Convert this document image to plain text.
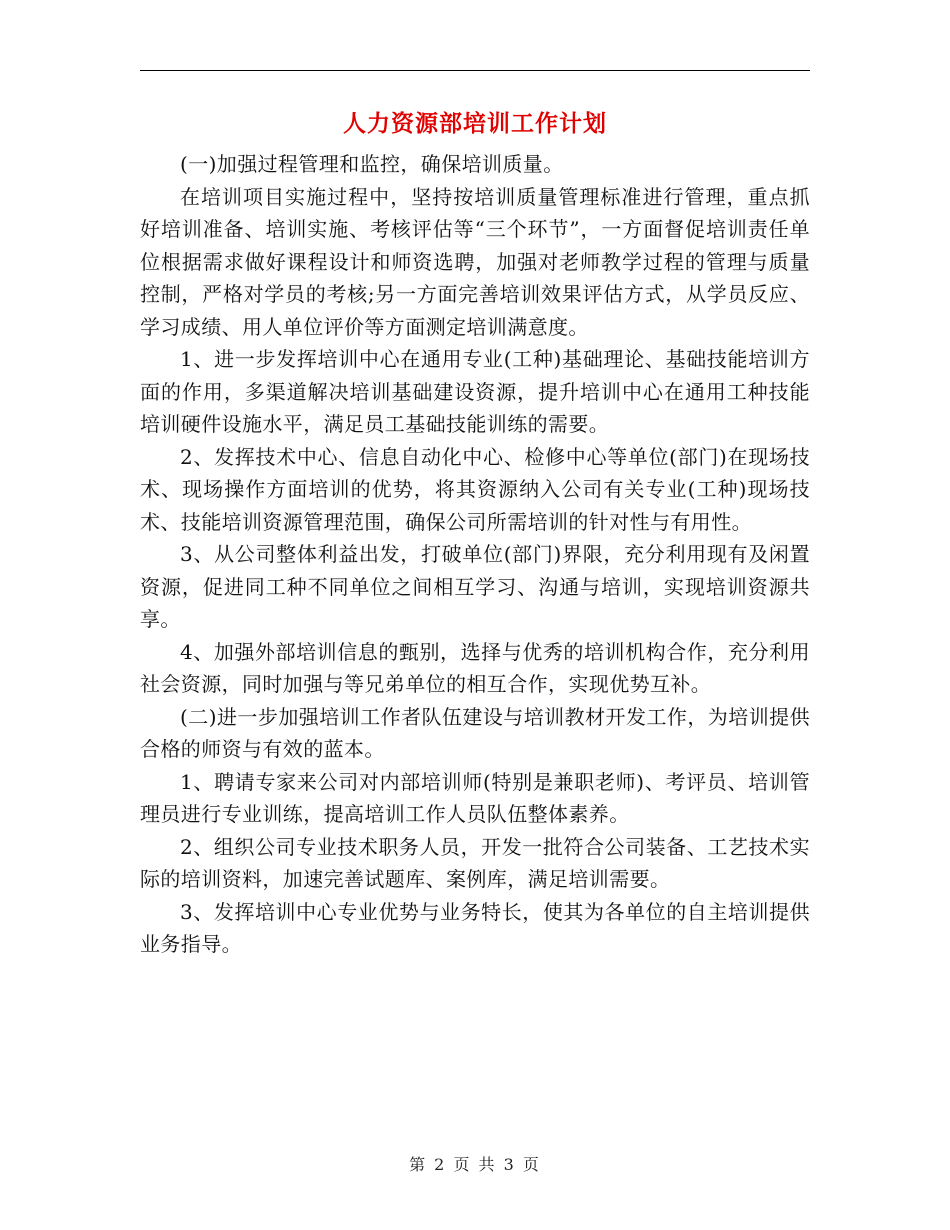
人力资源部培训工作计划

(一)加强过程管理和监控，确保培训质量。

在培训项目实施过程中，坚持按培训质量管理标准进行管理，重点抓好培训准备、培训实施、考核评估等“三个环节”，一方面督促培训责任单位根据需求做好课程设计和师资选聘，加强对老师教学过程的管理与质量控制，严格对学员的考核;另一方面完善培训效果评估方式，从学员反应、学习成绩、用人单位评价等方面测定培训满意度。

1、进一步发挥培训中心在通用专业(工种)基础理论、基础技能培训方面的作用，多渠道解决培训基础建设资源，提升培训中心在通用工种技能培训硬件设施水平，满足员工基础技能训练的需要。

2、发挥技术中心、信息自动化中心、检修中心等单位(部门)在现场技术、现场操作方面培训的优势，将其资源纳入公司有关专业(工种)现场技术、技能培训资源管理范围，确保公司所需培训的针对性与有用性。

3、从公司整体利益出发，打破单位(部门)界限，充分利用现有及闲置资源，促进同工种不同单位之间相互学习、沟通与培训，实现培训资源共享。

4、加强外部培训信息的甄别，选择与优秀的培训机构合作，充分利用社会资源，同时加强与等兄弟单位的相互合作，实现优势互补。

(二)进一步加强培训工作者队伍建设与培训教材开发工作，为培训提供合格的师资与有效的蓝本。

1、聘请专家来公司对内部培训师(特别是兼职老师)、考评员、培训管理员进行专业训练，提高培训工作人员队伍整体素养。

2、组织公司专业技术职务人员，开发一批符合公司装备、工艺技术实际的培训资料，加速完善试题库、案例库，满足培训需要。

3、发挥培训中心专业优势与业务特长，使其为各单位的自主培训提供业务指导。

第 2 页 共 3 页
